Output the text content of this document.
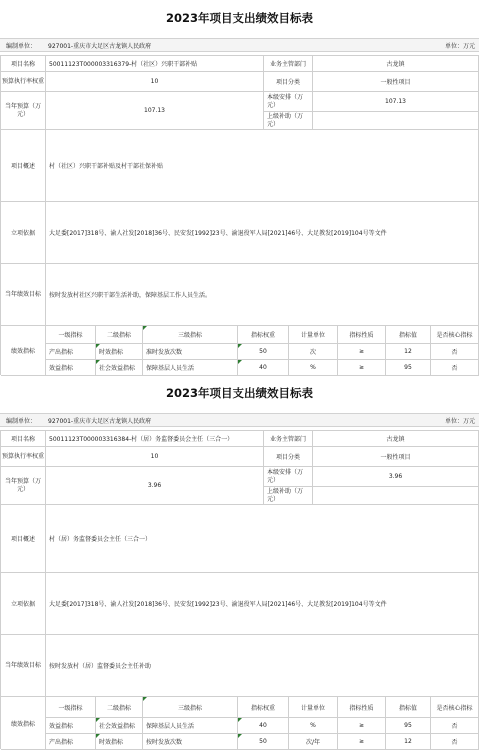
2023年项目支出绩效目标表
编制单位： 927001-重庆市大足区古龙镇人民政府	单位：万元
项目名称	50011123T000003316379-村（社区）兴职干部补贴	业务主管部门	古龙镇
预算执行率权重	10	项目分类	一般性项目
当年预算（万元）	107.13
本级安排（万元）	107.13
上级补助（万元）
项目概述	村（社区）兴职干部补贴及村干部社保补贴
立项依据	大足委[2017]318号、渝人社发[2018]36号、民安发[1992]23号、渝退役军人局[2021]46号、大足教发[2019]104号等文件
当年绩效目标	按时发放村社区兴职干部生活补助，保障基层工作人员生活。
绩效指标
一级指标	二级指标	三级指标	指标权重	计量单位	指标性质	指标值	是否核心指标
产出指标	时效指标	准时发放次数	50	次	≥	12	否
效益指标	社会效益指标	保障基层人员生活	40	%	≥	95	否
2023年项目支出绩效目标表
编制单位： 927001-重庆市大足区古龙镇人民政府	单位：万元
项目名称	50011123T000003316384-村（居）务监督委员会主任（三合一）	业务主管部门	古龙镇
预算执行率权重	10	项目分类	一般性项目
当年预算（万元）	3.96
本级安排（万元）	3.96
上级补助（万元）
项目概述	村（居）务监督委员会主任（三合一）
立项依据	大足委[2017]318号、渝人社发[2018]36号、民安发[1992]23号、渝退役军人局[2021]46号、大足教发[2019]104号等文件
当年绩效目标	按时发放村（居）监督委员会主任补助
绩效指标
一级指标	二级指标	三级指标	指标权重	计量单位	指标性质	指标值	是否核心指标
效益指标	社会效益指标	保障基层人员生活	40	%	≥	95	否
产出指标	时效指标	按时发放次数	50	次/年	≥	12	否
